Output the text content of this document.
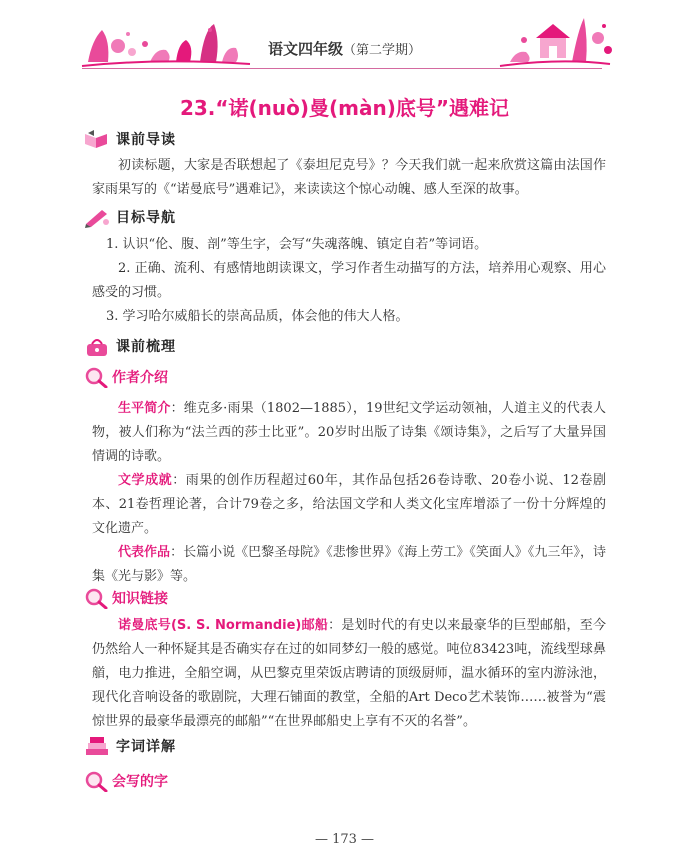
语文四年级（第二学期）
23.“诺(nuò)曼(màn)底号”遇难记
课前导读

初读标题，大家是否联想起了《泰坦尼克号》？今天我们就一起来欣赏这篇由法国作家雨果写的《“诺曼底号”遇难记》，来读读这个惊心动魄、感人至深的故事。

目标导航

1. 认识“伦、腹、剖”等生字，会写“失魂落魄、镇定自若”等词语。

2. 正确、流利、有感情地朗读课文，学习作者生动描写的方法，培养用心观察、用心感受的习惯。

3. 学习哈尔威船长的崇高品质，体会他的伟大人格。

课前梳理
作者介绍

生平简介：维克多·雨果（1802—1885），19世纪文学运动领袖，人道主义的代表人物，被人们称为“法兰西的莎士比亚”。20岁时出版了诗集《颂诗集》，之后写了大量异国情调的诗歌。

文学成就：雨果的创作历程超过60年，其作品包括26卷诗歌、20卷小说、12卷剧本、21卷哲理论著，合计79卷之多，给法国文学和人类文化宝库增添了一份十分辉煌的文化遗产。

代表作品：长篇小说《巴黎圣母院》《悲惨世界》《海上劳工》《笑面人》《九三年》，诗集《光与影》等。

知识链接

诺曼底号(S. S. Normandie)邮船：是划时代的有史以来最豪华的巨型邮船，至今仍然给人一种怀疑其是否确实存在过的如同梦幻一般的感觉。吨位83423吨，流线型球鼻艏，电力推进，全船空调，从巴黎克里荣饭店聘请的顶级厨师，温水循环的室内游泳池，现代化音响设备的歌剧院，大理石铺面的教堂，全船的Art Deco艺术装饰……被誉为“震惊世界的最豪华最漂亮的邮船”“在世界邮船史上享有不灭的名誉”。

字词详解
会写的字
— 173 —
